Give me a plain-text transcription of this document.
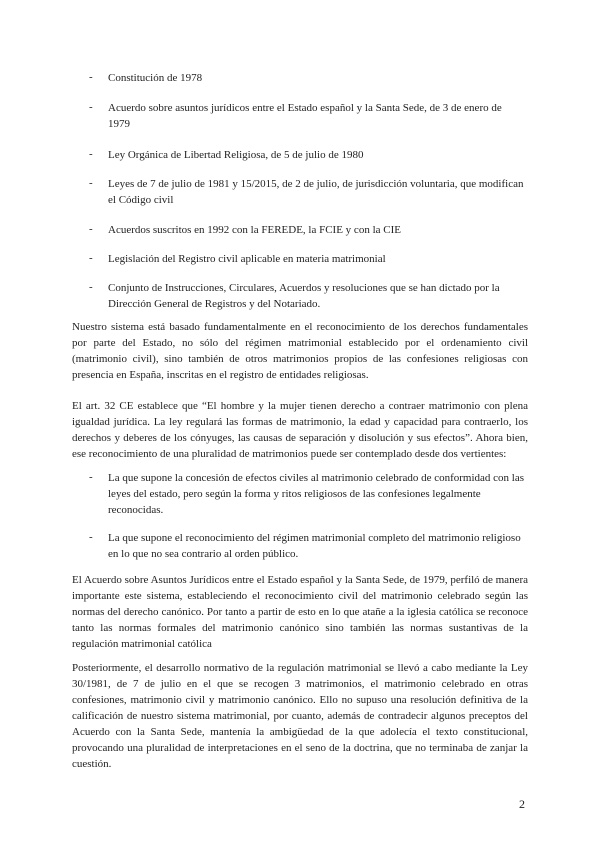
- Constitución de 1978
- Acuerdo sobre asuntos jurídicos entre el Estado español y la Santa Sede, de 3 de enero de 1979
- Ley Orgánica de Libertad Religiosa, de 5 de julio de 1980
- Leyes de 7 de julio de 1981 y 15/2015, de 2 de julio, de jurisdicción voluntaria, que modifican el Código civil
- Acuerdos suscritos en 1992 con la FEREDE, la FCIE y con la CIE
- Legislación del Registro civil aplicable en materia matrimonial
- Conjunto de Instrucciones, Circulares, Acuerdos y resoluciones que se han dictado por la Dirección General de Registros y del Notariado.

Nuestro sistema está basado fundamentalmente en el reconocimiento de los derechos fundamentales por parte del Estado, no sólo del régimen matrimonial establecido por el ordenamiento civil (matrimonio civil), sino también de otros matrimonios propios de las confesiones religiosas con presencia en España, inscritas en el registro de entidades religiosas.

El art. 32 CE establece que “El hombre y la mujer tienen derecho a contraer matrimonio con plena igualdad jurídica. La ley regulará las formas de matrimonio, la edad y capacidad para contraerlo, los derechos y deberes de los cónyuges, las causas de separación y disolución y sus efectos”. Ahora bien, ese reconocimiento de una pluralidad de matrimonios puede ser contemplado desde dos vertientes:

- La que supone la concesión de efectos civiles al matrimonio celebrado de conformidad con las leyes del estado, pero según la forma y ritos religiosos de las confesiones legalmente reconocidas.
- La que supone el reconocimiento del régimen matrimonial completo del matrimonio religioso en lo que no sea contrario al orden público.

El Acuerdo sobre Asuntos Jurídicos entre el Estado español y la Santa Sede, de 1979, perfiló de manera importante este sistema, estableciendo el reconocimiento civil del matrimonio celebrado según las normas del derecho canónico. Por tanto a partir de esto en lo que atañe a la iglesia católica se reconoce tanto las normas formales del matrimonio canónico sino también las normas sustantivas de la regulación matrimonial católica

Posteriormente, el desarrollo normativo de la regulación matrimonial se llevó a cabo mediante la Ley 30/1981, de 7 de julio en el que se recogen 3 matrimonios, el matrimonio celebrado en otras confesiones, matrimonio civil y matrimonio canónico. Ello no supuso una resolución definitiva de la calificación de nuestro sistema matrimonial, por cuanto, además de contradecir algunos preceptos del Acuerdo con la Santa Sede, mantenía la ambigüedad de la que adolecía el texto constitucional, provocando una pluralidad de interpretaciones en el seno de la doctrina, que no terminaba de zanjar la cuestión.

2
